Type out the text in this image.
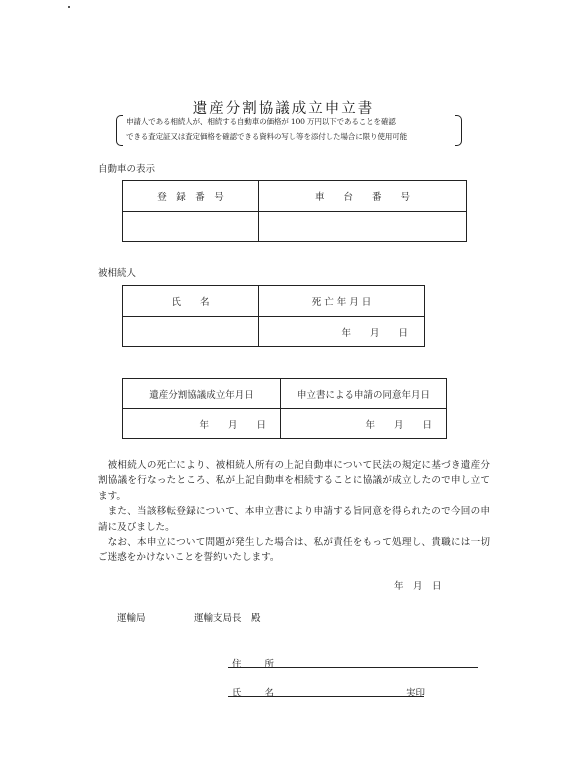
遺産分割協議成立申立書
申請人である相続人が、相続する自動車の価格が 100 万円以下であることを確認
できる査定証又は査定価格を確認できる資料の写し等を添付した場合に限り使用可能
自動車の表示
登　録　番　号	車　　台　　番　　号

被相続人
氏　　名	死 亡 年 月 日
	年　　月　　日
遺産分割協議成立年月日	申立書による申請の同意年月日
年　　月　　日	年　　月　　日

被相続人の死亡により、被相続人所有の上記自動車について民法の規定に基づき遺産分割協議を行なったところ、私が上記自動車を相続することに協議が成立したので申し立てます。

また、当該移転登録について、本申立書により申請する旨同意を得られたので今回の申請に及びました。

なお、本申立について問題が発生した場合は、私が責任をもって処理し、貴職には一切ご迷惑をかけないことを誓約いたします。

年　月　日
運輸局	運輸支局長　殿
住 所
氏 名	実印
